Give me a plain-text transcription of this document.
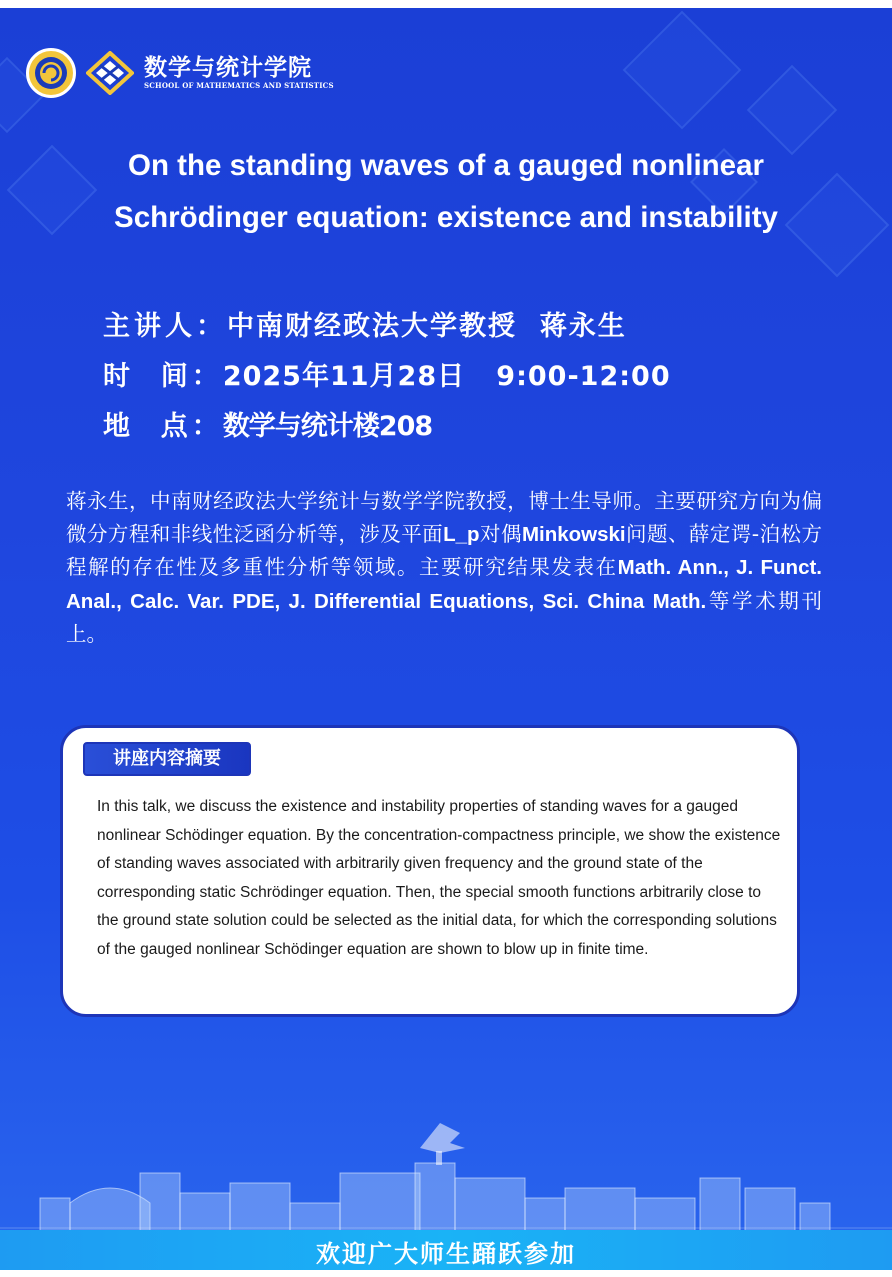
数学与统计学院
SCHOOL OF MATHEMATICS AND STATISTICS
On the standing waves of a gauged nonlinear
Schrödinger equation: existence and instability
主讲人：中南财经政法大学教授  蒋永生
时  间：2025年11月28日   9:00-12:00
地  点：数学与统计楼208
蒋永生，中南财经政法大学统计与数学学院教授，博士生导师。主要研究方向为偏微分方程和非线性泛函分析等，涉及平面L_p对偶Minkowski问题、薛定谔-泊松方程解的存在性及多重性分析等领域。主要研究结果发表在Math. Ann., J. Funct. Anal., Calc. Var. PDE, J. Differential Equations, Sci. China Math.等学术期刊上。
讲座内容摘要
In this talk, we discuss the existence and instability properties of standing waves for a gauged nonlinear Schödinger equation. By the concentration-compactness principle, we show the existence of standing waves associated with arbitrarily given frequency and the ground state of the corresponding static Schrödinger equation. Then, the special smooth functions arbitrarily close to the ground state solution could be selected as the initial data, for which the corresponding solutions of the gauged nonlinear Schödinger equation are shown to blow up in finite time.
欢迎广大师生踊跃参加
